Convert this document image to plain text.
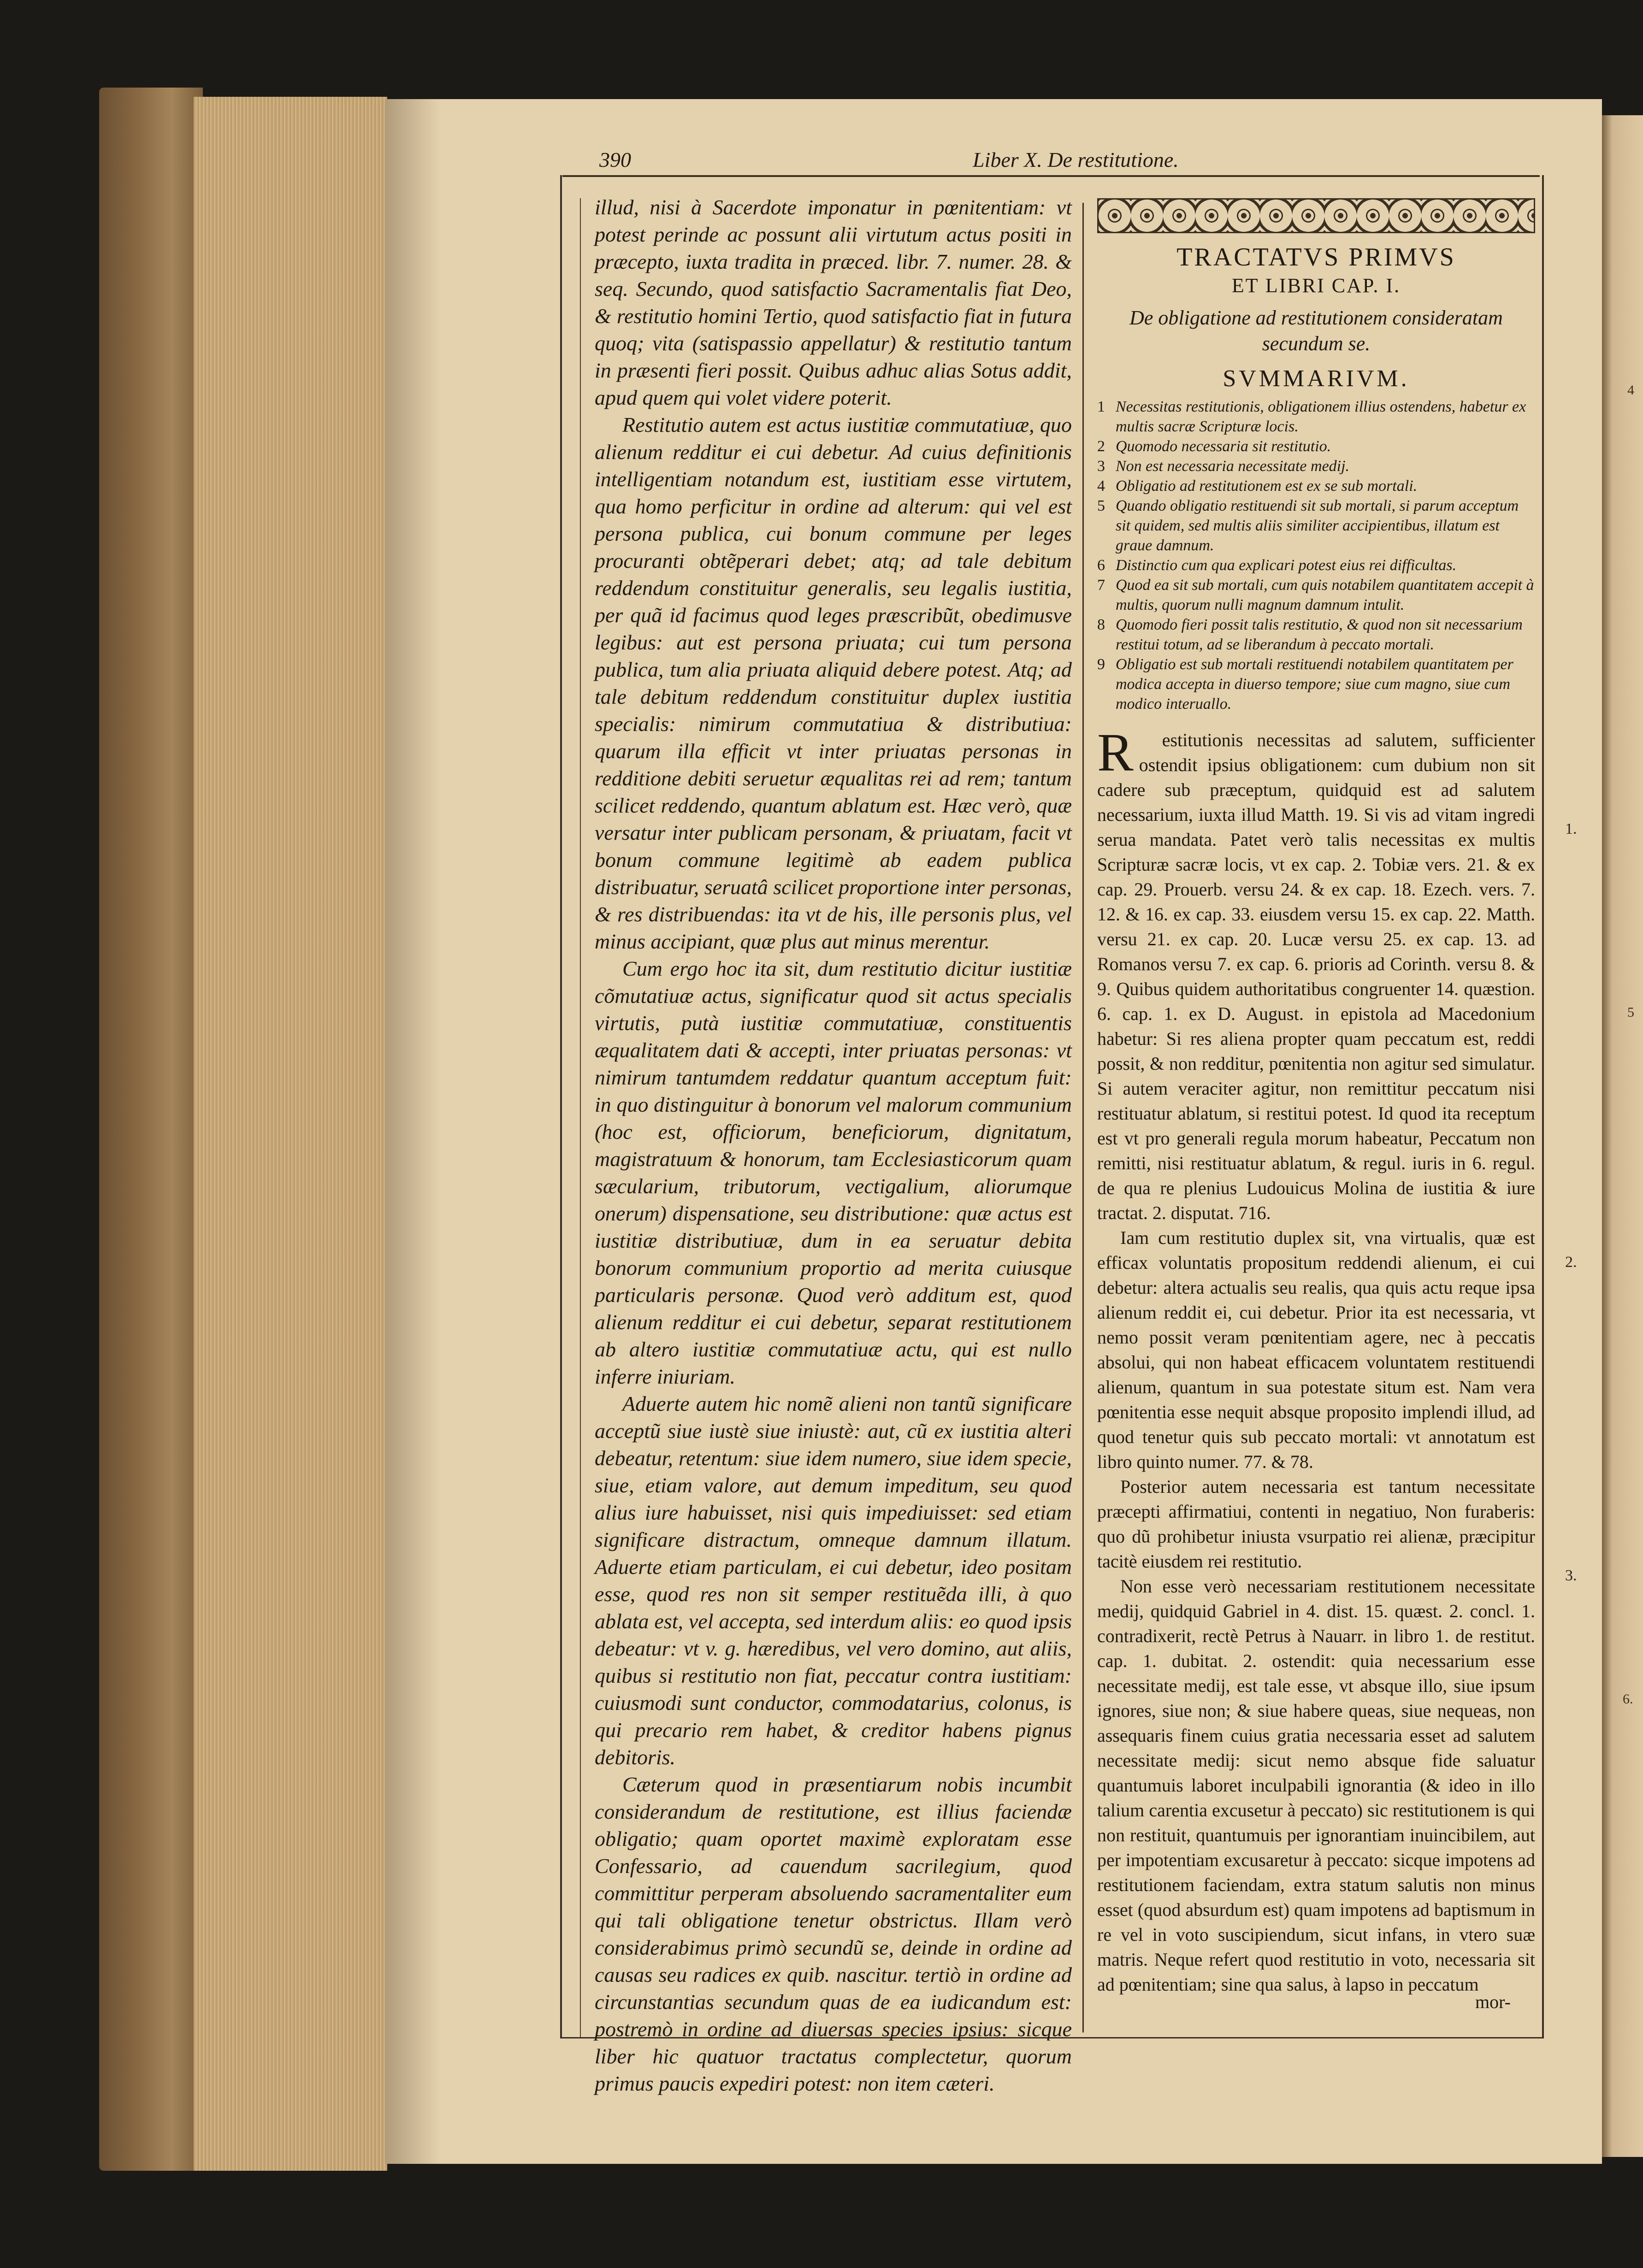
4
5
6.
390	Liber X. De restitutione.

illud, nisi à Sacerdote imponatur in pœnitentiam: vt potest perinde ac possunt alii virtutum actus positi in præcepto, iuxta tradita in præced. libr. 7. numer. 28. & seq. Secundo, quod satisfactio Sacramentalis fiat Deo, & restitutio homini Tertio, quod satisfactio fiat in futura quoq; vita (satispassio appellatur) & restitutio tantum in præsenti fieri possit. Quibus adhuc alias Sotus addit, apud quem qui volet videre poterit.

Restitutio autem est actus iustitiæ commutatiuæ, quo alienum redditur ei cui debetur. Ad cuius definitionis intelligentiam notandum est, iustitiam esse virtutem, qua homo perficitur in ordine ad alterum: qui vel est persona publica, cui bonum commune per leges procuranti obtẽperari debet; atq; ad tale debitum reddendum constituitur generalis, seu legalis iustitia, per quã id facimus quod leges præscribũt, obedimusve legibus: aut est persona priuata; cui tum persona publica, tum alia priuata aliquid debere potest. Atq; ad tale debitum reddendum constituitur duplex iustitia specialis: nimirum commutatiua & distributiua: quarum illa efficit vt inter priuatas personas in redditione debiti seruetur æqualitas rei ad rem; tantum scilicet reddendo, quantum ablatum est. Hæc verò, quæ versatur inter publicam personam, & priuatam, facit vt bonum commune legitimè ab eadem publica distribuatur, seruatâ scilicet proportione inter personas, & res distribuendas: ita vt de his, ille personis plus, vel minus accipiant, quæ plus aut minus merentur.

Cum ergo hoc ita sit, dum restitutio dicitur iustitiæ cõmutatiuæ actus, significatur quod sit actus specialis virtutis, putà iustitiæ commutatiuæ, constituentis æqualitatem dati & accepti, inter priuatas personas: vt nimirum tantumdem reddatur quantum acceptum fuit: in quo distinguitur à bonorum vel malorum communium (hoc est, officiorum, beneficiorum, dignitatum, magistratuum & honorum, tam Ecclesiasticorum quam sæcularium, tributorum, vectigalium, aliorumque onerum) dispensatione, seu distributione: quæ actus est iustitiæ distributiuæ, dum in ea seruatur debita bonorum communium proportio ad merita cuiusque particularis personæ. Quod verò additum est, quod alienum redditur ei cui debetur, separat restitutionem ab altero iustitiæ commutatiuæ actu, qui est nullo inferre iniuriam.

Aduerte autem hic nomẽ alieni non tantũ significare acceptũ siue iustè siue iniustè: aut, cũ ex iustitia alteri debeatur, retentum: siue idem numero, siue idem specie, siue, etiam valore, aut demum impeditum, seu quod alius iure habuisset, nisi quis impediuisset: sed etiam significare distractum, omneque damnum illatum. Aduerte etiam particulam, ei cui debetur, ideo positam esse, quod res non sit semper restituẽda illi, à quo ablata est, vel accepta, sed interdum aliis: eo quod ipsis debeatur: vt v. g. hæredibus, vel vero domino, aut aliis, quibus si restitutio non fiat, peccatur contra iustitiam: cuiusmodi sunt conductor, commodatarius, colonus, is qui precario rem habet, & creditor habens pignus debitoris.

Cæterum quod in præsentiarum nobis incumbit considerandum de restitutione, est illius faciendæ obligatio; quam oportet maximè exploratam esse Confessario, ad cauendum sacrilegium, quod committitur perperam absoluendo sacramentaliter eum qui tali obligatione tenetur obstrictus. Illam verò considerabimus primò secundũ se, deinde in ordine ad causas seu radices ex quib. nascitur. tertiò in ordine ad circunstantias secundum quas de ea iudicandum est: postremò in ordine ad diuersas species ipsius: sicque liber hic quatuor tractatus complectetur, quorum primus paucis expediri potest: non item cæteri.

TRACTATVS PRIMVS
ET LIBRI CAP. I.
De obligatione ad restitutionem consideratam secundum se.
SVMMARIVM.
1 Necessitas restitutionis, obligationem illius ostendens, habetur ex multis sacræ Scripturæ locis.
2 Quomodo necessaria sit restitutio.
3 Non est necessaria necessitate medij.
4 Obligatio ad restitutionem est ex se sub mortali.
5 Quando obligatio restituendi sit sub mortali, si parum acceptum sit quidem, sed multis aliis similiter accipientibus, illatum est graue damnum.
6 Distinctio cum qua explicari potest eius rei difficultas.
7 Quod ea sit sub mortali, cum quis notabilem quantitatem accepit à multis, quorum nulli magnum damnum intulit.
8 Quomodo fieri possit talis restitutio, & quod non sit necessarium restitui totum, ad se liberandum à peccato mortali.
9 Obligatio est sub mortali restituendi notabilem quantitatem per modica accepta in diuerso tempore; siue cum magno, siue cum modico interuallo.

Restitutionis necessitas ad salutem, sufficienter ostendit ipsius obligationem: cum dubium non sit cadere sub præceptum, quidquid est ad salutem necessarium, iuxta illud Matth. 19. Si vis ad vitam ingredi serua mandata. Patet verò talis necessitas ex multis Scripturæ sacræ locis, vt ex cap. 2. Tobiæ vers. 21. & ex cap. 29. Prouerb. versu 24. & ex cap. 18. Ezech. vers. 7. 12. & 16. ex cap. 33. eiusdem versu 15. ex cap. 22. Matth. versu 21. ex cap. 20. Lucæ versu 25. ex cap. 13. ad Romanos versu 7. ex cap. 6. prioris ad Corinth. versu 8. & 9. Quibus quidem authoritatibus congruenter 14. quæstion. 6. cap. 1. ex D. August. in epistola ad Macedonium habetur: Si res aliena propter quam peccatum est, reddi possit, & non redditur, pœnitentia non agitur sed simulatur. Si autem veraciter agitur, non remittitur peccatum nisi restituatur ablatum, si restitui potest. Id quod ita receptum est vt pro generali regula morum habeatur, Peccatum non remitti, nisi restituatur ablatum, & regul. iuris in 6. regul. de qua re plenius Ludouicus Molina de iustitia & iure tractat. 2. disputat. 716.

Iam cum restitutio duplex sit, vna virtualis, quæ est efficax voluntatis propositum reddendi alienum, ei cui debetur: altera actualis seu realis, qua quis actu reque ipsa alienum reddit ei, cui debetur. Prior ita est necessaria, vt nemo possit veram pœnitentiam agere, nec à peccatis absolui, qui non habeat efficacem voluntatem restituendi alienum, quantum in sua potestate situm est. Nam vera pœnitentia esse nequit absque proposito implendi illud, ad quod tenetur quis sub peccato mortali: vt annotatum est libro quinto numer. 77. & 78.

Posterior autem necessaria est tantum necessitate præcepti affirmatiui, contenti in negatiuo, Non furaberis: quo dũ prohibetur iniusta vsurpatio rei alienæ, præcipitur tacitè eiusdem rei restitutio.

Non esse verò necessariam restitutionem necessitate medij, quidquid Gabriel in 4. dist. 15. quæst. 2. concl. 1. contradixerit, rectè Petrus à Nauarr. in libro 1. de restitut. cap. 1. dubitat. 2. ostendit: quia necessarium esse necessitate medij, est tale esse, vt absque illo, siue ipsum ignores, siue non; & siue habere queas, siue nequeas, non assequaris finem cuius gratia necessaria esset ad salutem necessitate medij: sicut nemo absque fide saluatur quantumuis laboret inculpabili ignorantia (& ideo in illo talium carentia excusetur à peccato) sic restitutionem is qui non restituit, quantumuis per ignorantiam inuincibilem, aut per impotentiam excusaretur à peccato: sicque impotens ad restitutionem faciendam, extra statum salutis non minus esset (quod absurdum est) quam impotens ad baptismum in re vel in voto suscipiendum, sicut infans, in vtero suæ matris. Neque refert quod restitutio in voto, necessaria sit ad pœnitentiam; sine qua salus, à lapso in peccatum

1.
2.
3.
mor-
